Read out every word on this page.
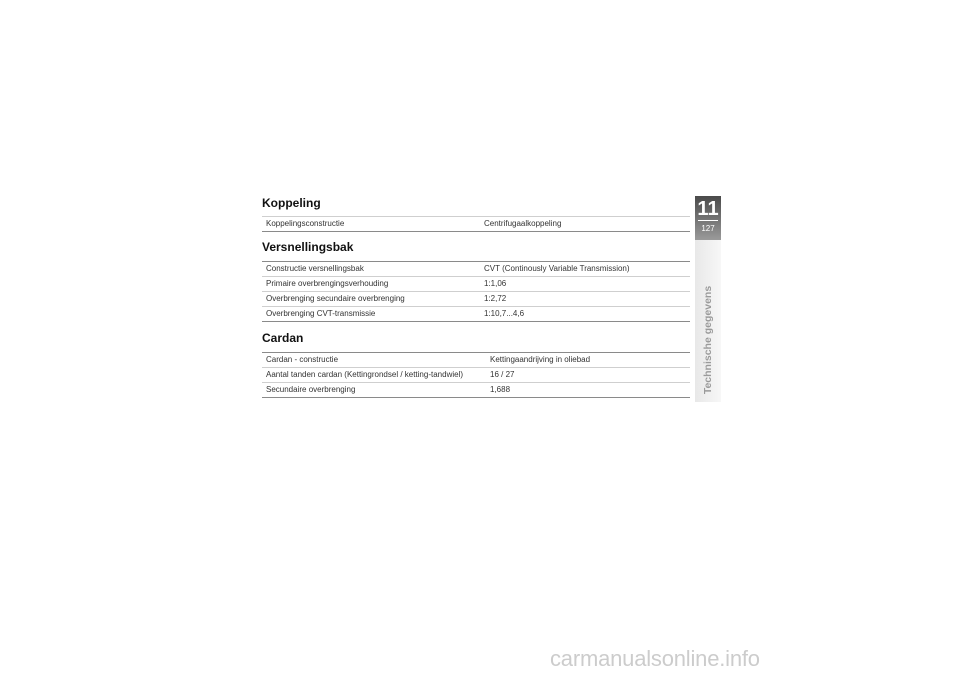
Koppeling
Koppelingsconstructie	Centrifugaalkoppeling
Versnellingsbak
Constructie versnellingsbak	CVT (Continously Variable Transmission)
Primaire overbrengingsverhouding	1:1,06
Overbrenging secundaire overbrenging	1:2,72
Overbrenging CVT-transmissie	1:10,7...4,6
Cardan
Cardan - constructie	Kettingaandrijving in oliebad
Aantal tanden cardan (Kettingrondsel / ketting-tandwiel)	16 / 27
Secundaire overbrenging	1,688
11
127
Technische gegevens
carmanualsonline.info
